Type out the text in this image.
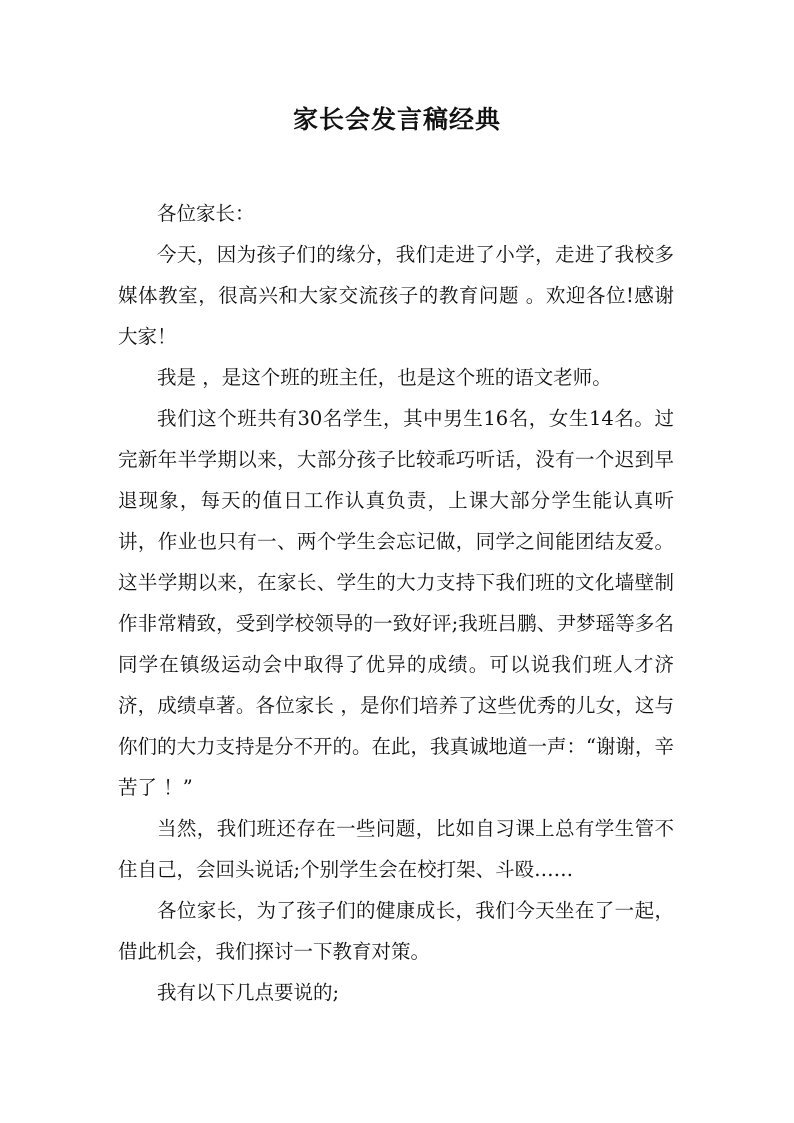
家长会发言稿经典

各位家长：

今天，因为孩子们的缘分，我们走进了小学，走进了我校多媒体教室，很高兴和大家交流孩子的教育问题 。欢迎各位!感谢大家！

我是 ，是这个班的班主任，也是这个班的语文老师。

我们这个班共有30名学生，其中男生16名，女生14名。过完新年半学期以来，大部分孩子比较乖巧听话，没有一个迟到早退现象，每天的值日工作认真负责，上课大部分学生能认真听讲，作业也只有一、两个学生会忘记做，同学之间能团结友爱。这半学期以来，在家长、学生的大力支持下我们班的文化墙壁制作非常精致，受到学校领导的一致好评;我班吕鹏、尹梦瑶等多名同学在镇级运动会中取得了优异的成绩。可以说我们班人才济济，成绩卓著。各位家长 ，是你们培养了这些优秀的儿女，这与你们的大力支持是分不开的。在此，我真诚地道一声：“谢谢，辛苦了 ！”

当然，我们班还存在一些问题，比如自习课上总有学生管不住自己，会回头说话;个别学生会在校打架、斗殴……

各位家长，为了孩子们的健康成长，我们今天坐在了一起，借此机会，我们探讨一下教育对策。

我有以下几点要说的;
